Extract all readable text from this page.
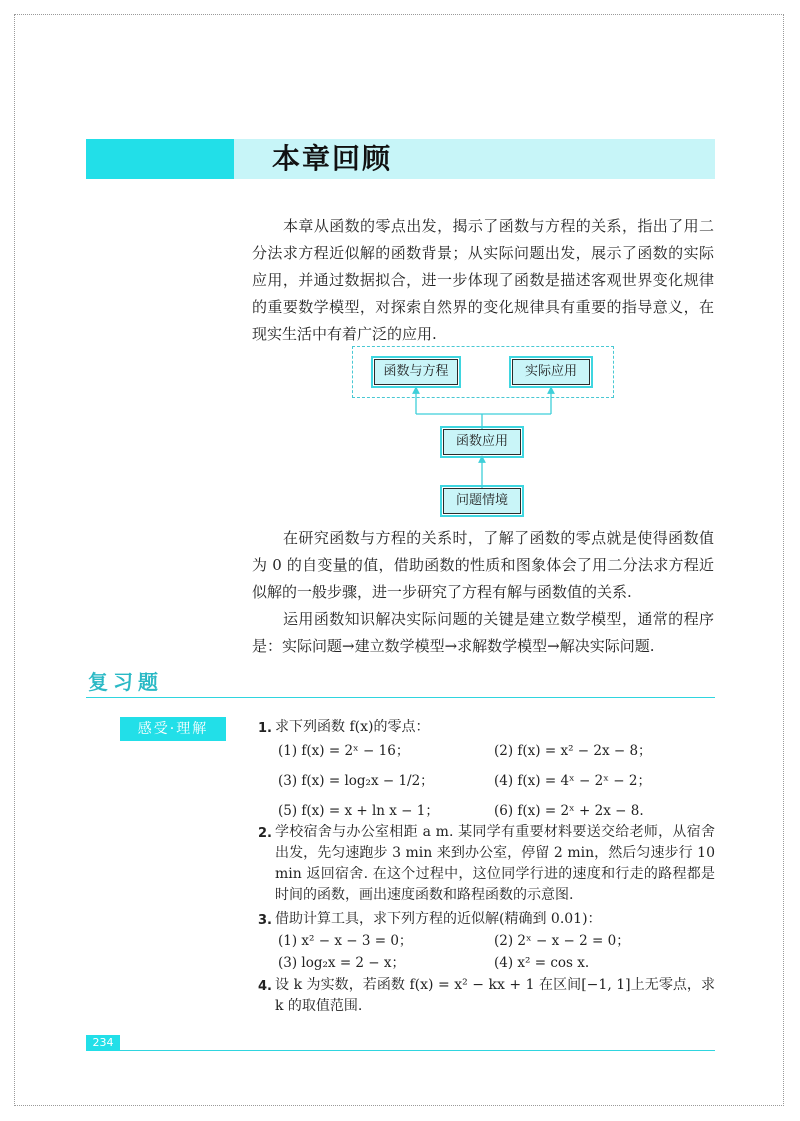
本章回顾

本章从函数的零点出发，揭示了函数与方程的关系，指出了用二分法求方程近似解的函数背景；从实际问题出发，展示了函数的实际应用，并通过数据拟合，进一步体现了函数是描述客观世界变化规律的重要数学模型，对探索自然界的变化规律具有重要的指导意义，在现实生活中有着广泛的应用.

函数与方程	实际应用
函数应用
问题情境

在研究函数与方程的关系时，了解了函数的零点就是使得函数值为 0 的自变量的值，借助函数的性质和图象体会了用二分法求方程近似解的一般步骤，进一步研究了方程有解与函数值的关系.

运用函数知识解决实际问题的关键是建立数学模型，通常的程序是：实际问题→建立数学模型→求解数学模型→解决实际问题.

复习题
感受·理解	1. 求下列函数 f(x)的零点：
(1) f(x) = 2ˣ − 16；	(2) f(x) = x² − 2x − 8；
(3) f(x) = log₂x − 1/2；	(4) f(x) = 4ˣ − 2ˣ − 2；
(5) f(x) = x + ln x − 1；	(6) f(x) = 2ˣ + 2x − 8.
2. 学校宿舍与办公室相距 a m. 某同学有重要材料要送交给老师，从宿舍出发，先匀速跑步 3 min 来到办公室，停留 2 min，然后匀速步行 10 min 返回宿舍. 在这个过程中，这位同学行进的速度和行走的路程都是时间的函数，画出速度函数和路程函数的示意图.
3. 借助计算工具，求下列方程的近似解(精确到 0.01)：
(1) x² − x − 3 = 0；	(2) 2ˣ − x − 2 = 0；
(3) log₂x = 2 − x；	(4) x² = cos x.
4. 设 k 为实数，若函数 f(x) = x² − kx + 1 在区间[−1, 1]上无零点，求 k 的取值范围.
234
